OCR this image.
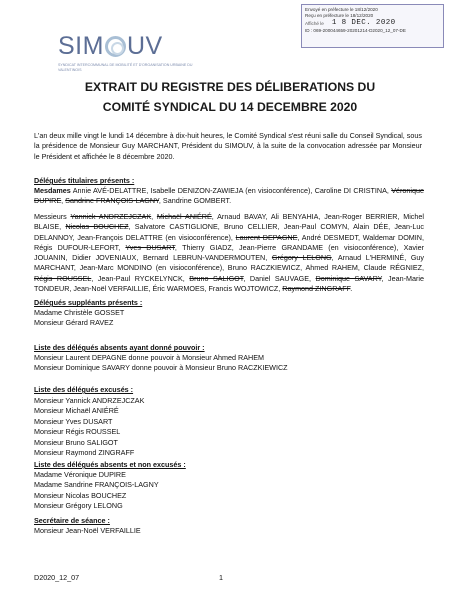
Envoyé en préfecture le 18/12/2020
Reçu en préfecture le 18/12/2020
Affiché le 1 8 DEC. 2020
ID : 069-200044659-20201214-D2020_12_07-DE
SIM UV
SYNDICAT INTERCOMMUNAL DE MOBILITÉ ET D'ORGANISATION URBAINE DU VALENTINOIS
EXTRAIT DU REGISTRE DES DÉLIBERATIONS DU
COMITÉ SYNDICAL DU 14 DECEMBRE 2020
L'an deux mille vingt le lundi 14 décembre à dix-huit heures, le Comité Syndical s'est réuni salle du Conseil Syndical, sous la présidence de Monsieur Guy MARCHANT, Président du SIMOUV, à la suite de la convocation adressée par Monsieur le Président et affichée le 8 décembre 2020.
Délégués titulaires présents :
Mesdames Annie AVÉ-DELATTRE, Isabelle DENIZON-ZAWIEJA (en visioconférence), Caroline DI CRISTINA, Véronique DUPIRE, Sandrine FRANÇOIS-LAGNY, Sandrine GOMBERT.
Messieurs Yannick ANDRZEJCZAK, Michaël ANIÉRÉ, Arnaud BAVAY, Ali BENYAHIA, Jean-Roger BERRIER, Michel BLAISE, Nicolas BOUCHEZ, Salvatore CASTIGLIONE, Bruno CELLIER, Jean-Paul COMYN, Alain DÉE, Jean-Luc DELANNOY, Jean-François DELATTRE (en visioconférence), Laurent DEPAGNE, André DESMEDT, Waldemar DOMIN, Régis DUFOUR-LEFORT, Yves DUSART, Thierry GIADZ, Jean-Pierre GRANDAME (en visioconférence), Xavier JOUANIN, Didier JOVENIAUX, Bernard LEBRUN-VANDERMOUTEN, Grégory LELONG, Arnaud L'HERMINÉ, Guy MARCHANT, Jean-Marc MONDINO (en visioconférence), Bruno RACZKIEWICZ, Ahmed RAHEM, Claude RÉGNIEZ, Régis ROUSSEL, Jean-Paul RYCKELYNCK, Bruno SALIGOT, Daniel SAUVAGE, Dominique SAVARY, Jean-Marie TONDEUR, Jean-Noël VERFAILLIE, Éric WARMOES, Francis WOJTOWICZ, Raymond ZINGRAFF.
Délégués suppléants présents :
Madame Christèle GOSSET
Monsieur Gérard RAVEZ
Liste des délégués absents ayant donné pouvoir :
Monsieur Laurent DEPAGNE donne pouvoir à Monsieur Ahmed RAHEM
Monsieur Dominique SAVARY donne pouvoir à Monsieur Bruno RACZKIEWICZ
Liste des délégués excusés :
Monsieur Yannick ANDRZEJCZAK
Monsieur Michaël ANIÉRÉ
Monsieur Yves DUSART
Monsieur Régis ROUSSEL
Monsieur Bruno SALIGOT
Monsieur Raymond ZINGRAFF
Liste des délégués absents et non excusés :
Madame Véronique DUPIRE
Madame Sandrine FRANÇOIS-LAGNY
Monsieur Nicolas BOUCHEZ
Monsieur Grégory LELONG
Secrétaire de séance :
Monsieur Jean-Noël VERFAILLIE
D2020_12_07	1
